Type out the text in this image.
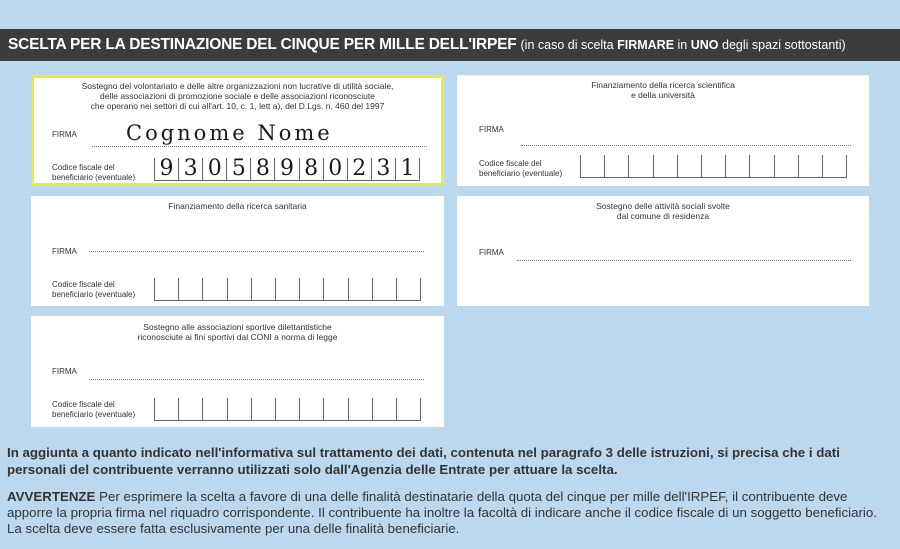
SCELTA PER LA DESTINAZIONE DEL CINQUE PER MILLE DELL'IRPEF (in caso di scelta FIRMARE in UNO degli spazi sottostanti)
Sostegno del volontariato e delle altre organizzazioni non lucrative di utilità sociale,
delle associazioni di promozione sociale e delle associazioni riconosciute
che operano nei settori di cui all'art. 10, c. 1, lett a), del D.Lgs. n. 460 del 1997
FIRMA Cognome Nome
Codice fiscale del
beneficiario (eventuale) 9 3 0 5 8 9 8 0 2 3 1
Finanziamento della ricerca scientifica
e della università
FIRMA
Codice fiscale del
beneficiario (eventuale)
Finanziamento della ricerca sanitaria
FIRMA
Codice fiscale del
beneficiario (eventuale)
Sostegno delle attività sociali svolte
dal comune di residenza
FIRMA
Sostegno alle associazioni sportive dilettantistiche
riconosciute ai fini sportivi dal CONI a norma di legge
FIRMA
Codice fiscale del
beneficiario (eventuale)
In aggiunta a quanto indicato nell'informativa sul trattamento dei dati, contenuta nel paragrafo 3 delle istruzioni, si precisa che i dati personali del contribuente verranno utilizzati solo dall'Agenzia delle Entrate per attuare la scelta.
AVVERTENZE Per esprimere la scelta a favore di una delle finalità destinatarie della quota del cinque per mille dell'IRPEF, il contribuente deve apporre la propria firma nel riquadro corrispondente. Il contribuente ha inoltre la facoltà di indicare anche il codice fiscale di un soggetto beneficiario. La scelta deve essere fatta esclusivamente per una delle finalità beneficiarie.
